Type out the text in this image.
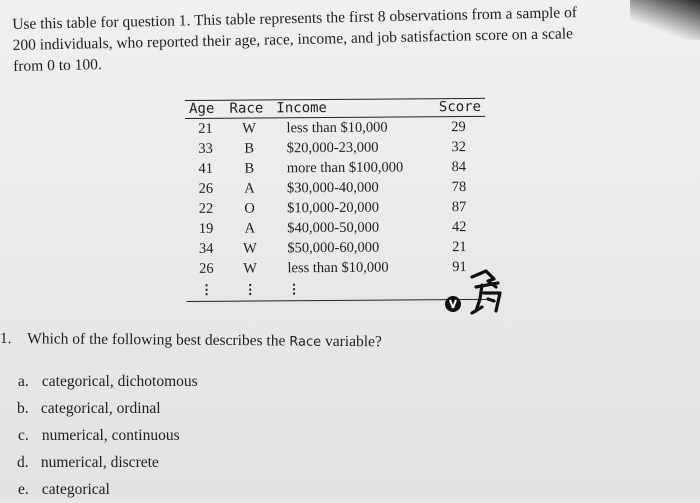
Use this table for question 1. This table represents the first 8 observations from a sample of

200 individuals, who reported their age, race, income, and job satisfaction score on a scale

from 0 to 100.

Age	Race	Income	Score
21	W	less than $10,000	29
33	B	$20,000-23,000	32
41	B	more than $100,000	84
26	A	$30,000-40,000	78
22	O	$10,000-20,000	87
19	A	$40,000-50,000	42
34	W	$50,000-60,000	21
26	W	less than $10,000	91
⋮	⋮	⋮	
1. Which of the following best describes the Race variable?
a. categorical, dichotomous
b. categorical, ordinal
c. numerical, continuous
d. numerical, discrete
e. categorical
